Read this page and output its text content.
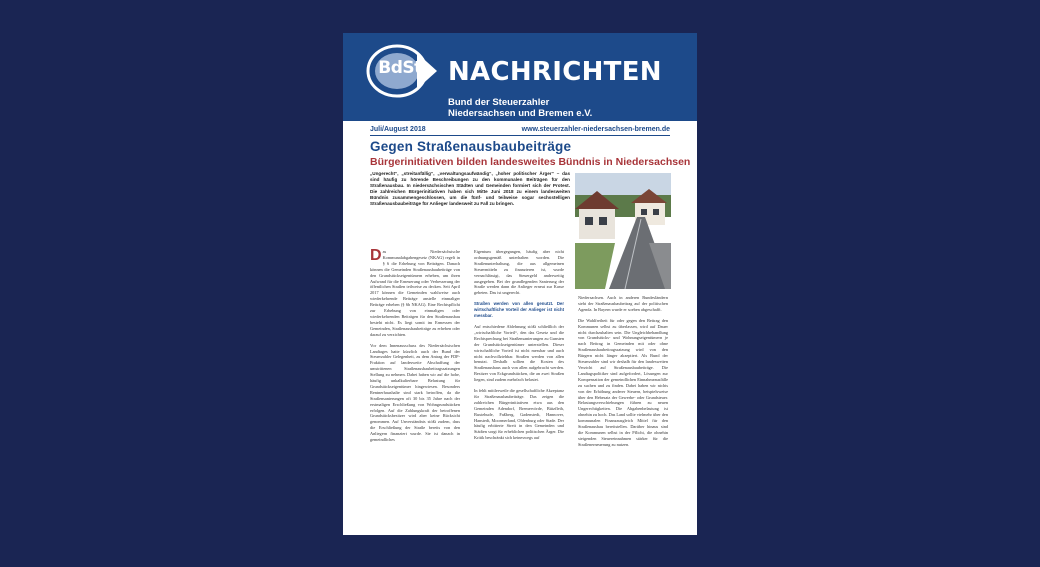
BdSt NACHRICHTEN
Bund der Steuerzahler
Niedersachsen und Bremen e.V.
Juli/August 2018	www.steuerzahler-niedersachsen-bremen.de
Gegen Straßenausbaubeiträge
Bürgerinitiativen bilden landesweites Bündnis in Niedersachsen
„Ungerecht“, „streitanfällig“, „verwaltungsaufwändig“, „hoher politischer Ärger“ – das sind häufig zu hörende Beschreibungen zu den kommunalen Beiträgen für den Straßenausbau. In niedersächsischen Städten und Gemeinden formiert sich der Protest. Die zahlreichen Bürgerinitiativen haben sich Mitte Juni 2018 zu einem landesweiten Bündnis zusammengeschlossen, um die fünf- und teilweise sogar sechsstelligen Straßenausbaubeiträge für Anlieger landesweit zu Fall zu bringen.

Das Niedersächsische Kommunalabgabengesetz (NKAG) regelt in § 6 die Erhebung von Beiträgen. Danach können die Gemeinden Straßenausbaubeiträge von den Grundstückseigentümern erheben, um ihren Aufwand für die Erneuerung oder Verbesserung der öffentlichen Straßen teilweise zu decken. Seit April 2017 können die Gemeinden wahlweise auch wiederkehrende Beiträge anstelle einmaliger Beiträge erheben (§ 6b NKAG). Eine Rechtspflicht zur Erhebung von einmaligen oder wiederkehrenden Beiträgen für den Straßenausbau besteht nicht. Es liegt somit im Ermessen der Gemeinden, Straßenausbaubeiträge zu erheben oder darauf zu verzichten.

Vor dem Innenausschuss des Niedersächsischen Landtages hatte kürzlich auch der Bund der Steuerzahler Gelegenheit, zu dem Antrag der FDP-Fraktion auf landesweite Abschaffung der umstrittenen Straßenausbaubeitragssatzungen Stellung zu nehmen. Dabei haben wir auf die hohe, häufig unkalkulierbare Belastung für Grundstückseigentümer hingewiesen. Besonders Rentnerhaushalte sind stark betroffen, da die Straßensanierungen oft 30 bis 35 Jahre nach der erstmaligen Erschließung von Wohngrundstücken erfolgen. Auf die Zahlungskraft der betroffenen Grundstücksbesitzer wird aber keine Rücksicht genommen. Auf Unverständnis stößt zudem, dass die Erschließung der Straße bereits von den Anliegern finanziert wurde. Sie ist danach in gemeindliches

Eigentum übergegangen, häufig aber nicht ordnungsgemäß unterhalten worden. Die Straßenunterhaltung, die aus allgemeinen Steuermitteln zu finanzieren ist, wurde vernachlässigt, das Steuergeld anderweitig ausgegeben. Bei der grundlegenden Sanierung der Straße werden dann die Anlieger erneut zur Kasse gebeten. Das ist ungerecht.

Straßen werden von allen genutzt. Der wirtschaftliche Vorteil der Anlieger ist nicht messbar.

Auf entschiedene Ablehnung stößt schließlich der „wirtschaftliche Vorteil“, den das Gesetz und die Rechtsprechung bei Straßensanierungen zu Gunsten der Grundstückseigentümer unterstellen. Dieser wirtschaftliche Vorteil ist nicht messbar und auch nicht nachvollziehbar. Straßen werden von allen benutzt. Deshalb sollten die Kosten des Straßenausbaus auch von allen aufgebracht werden. Besitzer von Eckgrundstücken, die an zwei Straßen liegen, sind zudem mehrfach belastet.

In fehlt mittlerweile die gesellschaftliche Akzeptanz für Straßenausbaubeiträge. Das zeigen die zahlreichen Bürgerinitiativen etwa aus den Gemeinden Adendorf, Bremervörde, Bützfleth, Buxtehude, Faßberg, Gadenstedt, Hannover, Hanstedt, Moormerland, Oldenburg oder Stade. Der häufig erbitterte Streit in den Gemeinden und Städten sorgt für erheblichen politischen Ärger. Die Kritik beschränkt sich keineswegs auf

Niedersachsen. Auch in anderen Bundesländern steht der Straßenausbaubeitrag auf der politischen Agenda. In Bayern wurde er soeben abgeschafft.

Die Wahlfreiheit für oder gegen den Beitrag den Kommunen selbst zu überlassen, wird auf Dauer nicht durchzuhalten sein. Die Ungleichbehandlung von Grundstücks- und Wohnungseigentümern je nach Beitrag in Gemeinden mit oder ohne Straßenausbaubeitragssatzung wird von den Bürgern nicht länger akzeptiert. Als Bund der Steuerzahler sind wir deshalb für den landesweiten Verzicht auf Straßenausbaubeiträge. Die Landtagspolitiker sind aufgefordert, Lösungen zur Kompensation der gemeindlichen Einnahmeausfälle zu suchen und zu finden. Dabei haben wir nichts von der Erhöhung anderer Steuern, beispielsweise über den Hebesatz der Gewerbe- oder Grundsteuer. Belastungsverschiebungen führen zu neuen Ungerechtigkeiten. Die Abgabenbelastung ist ohnehin zu hoch. Das Land sollte vielmehr über den kommunalen Finanzausgleich Mittel für den Straßenausbau bereitstellen. Darüber hinaus sind die Kommunen selbst in der Pflicht, die ohnehin steigenden Steuereinnahmen stärker für die Straßenerneuerung zu nutzen.
